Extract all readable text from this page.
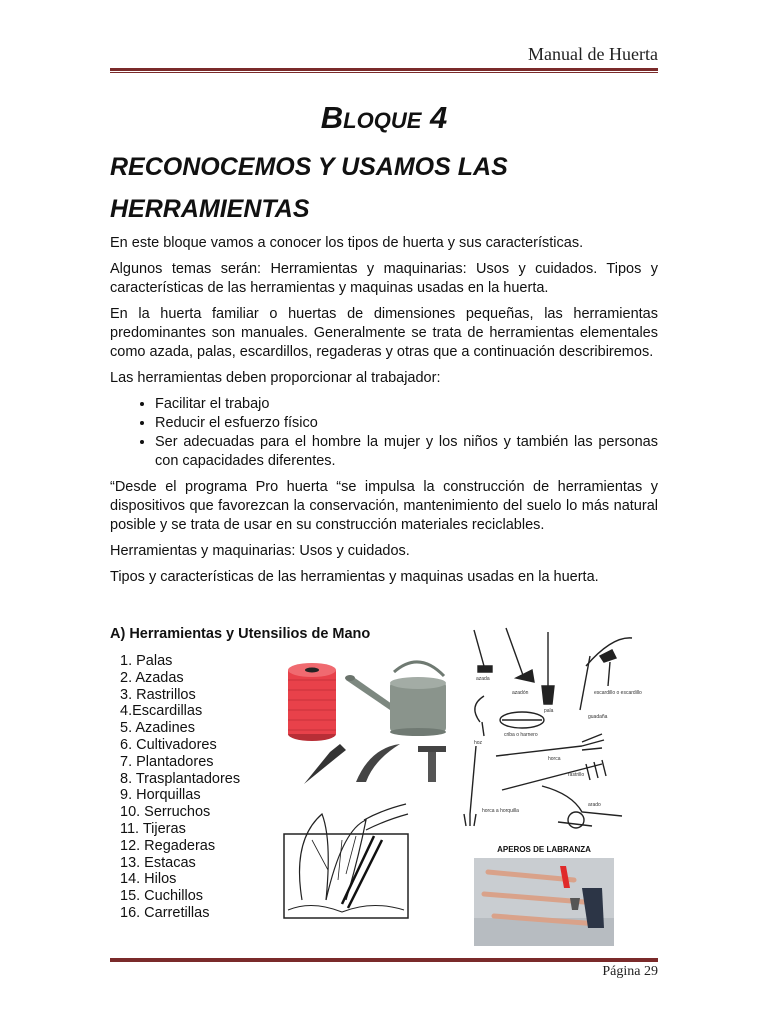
Manual de Huerta
Bloque 4
RECONOCEMOS Y USAMOS LAS HERRAMIENTAS

En este bloque vamos a conocer los tipos de huerta y sus características.

Algunos temas serán: Herramientas y maquinarias: Usos y cuidados. Tipos y características de las herramientas y maquinas usadas en la huerta.

En la huerta familiar o huertas de dimensiones pequeñas, las herramientas predominantes son manuales. Generalmente se trata de herramientas elementales como azada, palas, escardillos, regaderas y otras que a continuación describiremos.

Las herramientas deben proporcionar al trabajador:

• Facilitar el trabajo
• Reducir el esfuerzo físico
• Ser adecuadas para el hombre la mujer y los niños y también las personas con capacidades diferentes.

“Desde el programa Pro huerta “se impulsa la construcción de herramientas y dispositivos que favorezcan la conservación, mantenimiento del suelo lo más natural posible y se trata de usar en su construcción materiales reciclables.

Herramientas y maquinarias: Usos y cuidados.

Tipos y características de las herramientas y maquinas usadas en la huerta.

A) Herramientas y Utensilios de Mano
1. Palas
2. Azadas
3. Rastrillos
4.Escardillas
5. Azadines
6. Cultivadores
7. Plantadores
8. Trasplantadores
9. Horquillas
10. Serruchos
11. Tijeras
12. Regaderas
13. Estacas
14. Hilos
15. Cuchillos
16. Carretillas
azada
azadón
pala
escardillo o escardillo
hoz
criba o harnero
guadaña
horca
rastrillo
horca a horquilla
arado
APEROS DE LABRANZA
Página 29
